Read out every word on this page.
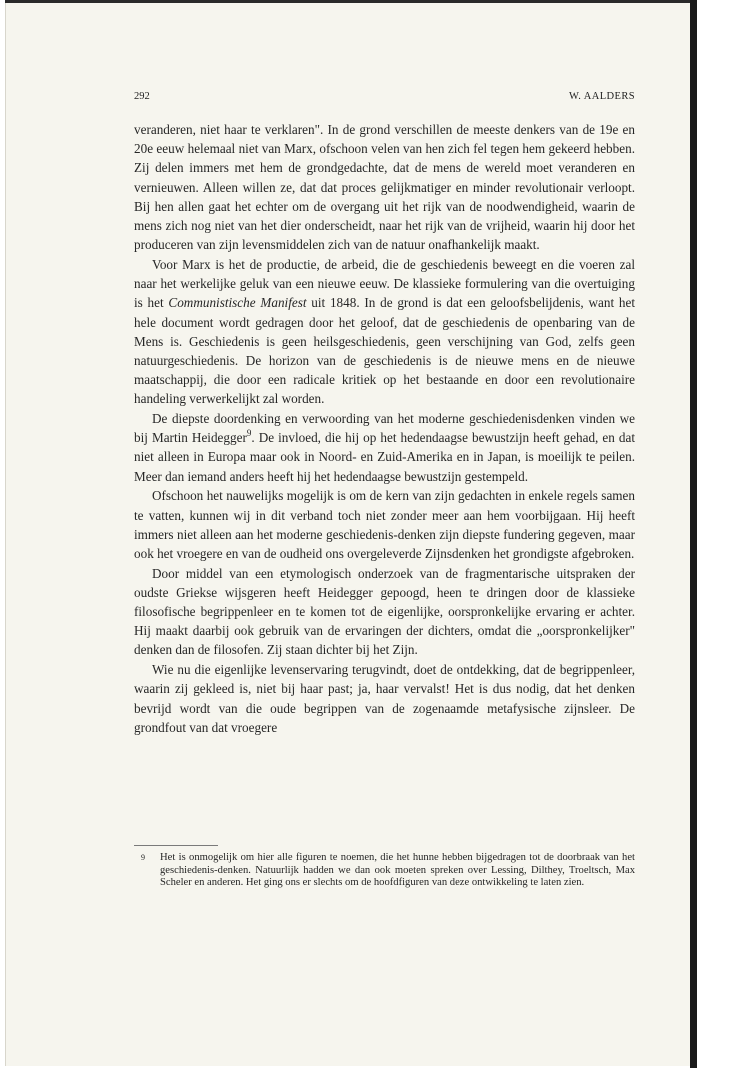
292	W. AALDERS

veranderen, niet haar te verklaren". In de grond verschillen de meeste denkers van de 19e en 20e eeuw helemaal niet van Marx, ofschoon velen van hen zich fel tegen hem gekeerd hebben. Zij delen immers met hem de grondgedachte, dat de mens de wereld moet veranderen en vernieuwen. Alleen willen ze, dat dat proces gelijkmatiger en minder revolutionair verloopt. Bij hen allen gaat het echter om de overgang uit het rijk van de noodwendigheid, waarin de mens zich nog niet van het dier onderscheidt, naar het rijk van de vrijheid, waarin hij door het produceren van zijn levensmiddelen zich van de natuur onafhankelijk maakt.

Voor Marx is het de productie, de arbeid, die de geschiedenis beweegt en die voeren zal naar het werkelijke geluk van een nieuwe eeuw. De klassieke formulering van die overtuiging is het Communistische Manifest uit 1848. In de grond is dat een geloofsbelijdenis, want het hele document wordt gedragen door het geloof, dat de geschiedenis de openbaring van de Mens is. Geschiedenis is geen heilsgeschiedenis, geen verschijning van God, zelfs geen natuurgeschiedenis. De horizon van de geschiedenis is de nieuwe mens en de nieuwe maatschappij, die door een radicale kritiek op het bestaande en door een revolutionaire handeling verwerkelijkt zal worden.

De diepste doordenking en verwoording van het moderne geschiedenisdenken vinden we bij Martin Heidegger$^9$. De invloed, die hij op het hedendaagse bewustzijn heeft gehad, en dat niet alleen in Europa maar ook in Noord- en Zuid-Amerika en in Japan, is moeilijk te peilen. Meer dan iemand anders heeft hij het hedendaagse bewustzijn gestempeld.

Ofschoon het nauwelijks mogelijk is om de kern van zijn gedachten in enkele regels samen te vatten, kunnen wij in dit verband toch niet zonder meer aan hem voorbijgaan. Hij heeft immers niet alleen aan het moderne geschiedenis-denken zijn diepste fundering gegeven, maar ook het vroegere en van de oudheid ons overgeleverde Zijnsdenken het grondigste afgebroken.

Door middel van een etymologisch onderzoek van de fragmentarische uitspraken der oudste Griekse wijsgeren heeft Heidegger gepoogd, heen te dringen door de klassieke filosofische begrippenleer en te komen tot de eigenlijke, oorspronkelijke ervaring er achter. Hij maakt daarbij ook gebruik van de ervaringen der dichters, omdat die „oorspronkelijker" denken dan de filosofen. Zij staan dichter bij het Zijn.

Wie nu die eigenlijke levenservaring terugvindt, doet de ontdekking, dat de begrippenleer, waarin zij gekleed is, niet bij haar past; ja, haar vervalst! Het is dus nodig, dat het denken bevrijd wordt van die oude begrippen van de zogenaamde metafysische zijnsleer. De grondfout van dat vroegere

9 Het is onmogelijk om hier alle figuren te noemen, die het hunne hebben bijgedragen tot de doorbraak van het geschiedenis-denken. Natuurlijk hadden we dan ook moeten spreken over Lessing, Dilthey, Troeltsch, Max Scheler en anderen. Het ging ons er slechts om de hoofdfiguren van deze ontwikkeling te laten zien.
